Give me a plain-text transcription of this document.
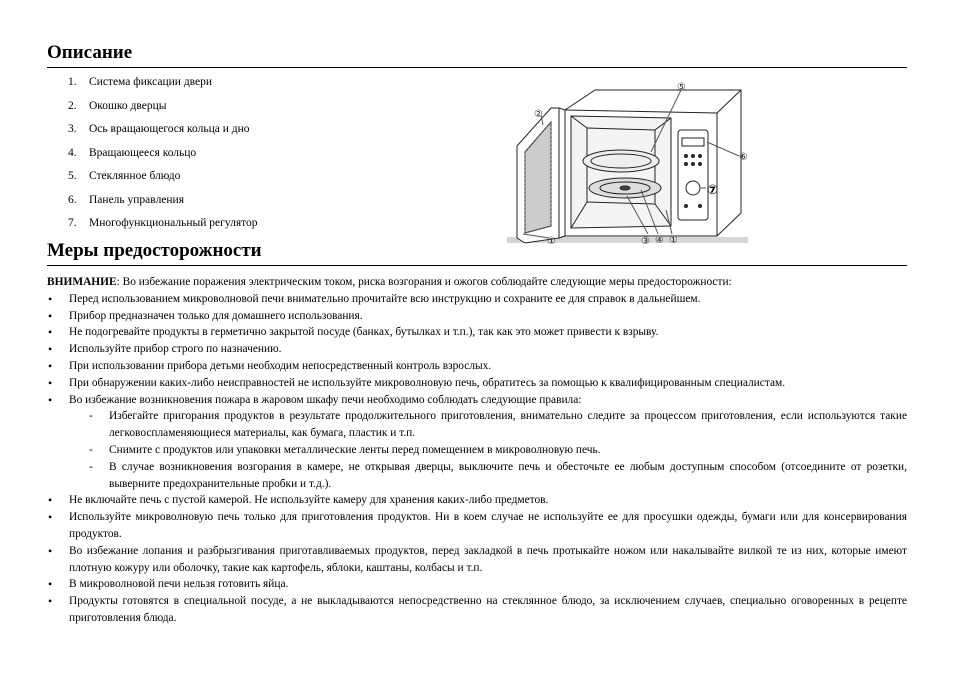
Описание
1. Система фиксации двери
2. Окошко дверцы
3. Ось вращающегося кольца и дно
4. Вращающееся кольцо
5. Стеклянное блюдо
6. Панель управления
7. Многофункциональный регулятор
②
①	③ ④ ①
⑤
⑥
⑦
Меры предосторожности

ВНИМАНИЕ: Во избежание поражения электрическим током, риска возгорания и ожогов соблюдайте следующие меры предосторожности:

• Перед использованием микроволновой печи внимательно прочитайте всю инструкцию и сохраните ее для справок в дальнейшем.
• Прибор предназначен только для домашнего использования.
• Не подогревайте продукты в герметично закрытой посуде (банках, бутылках и т.п.), так как это может привести к взрыву.
• Используйте прибор строго по назначению.
• При использовании прибора детьми необходим непосредственный контроль взрослых.
• При обнаружении каких-либо неисправностей не используйте микроволновую печь, обратитесь за помощью к квалифицированным специалистам.
• Во избежание возникновения пожара в жаровом шкафу печи необходимо соблюдать следующие правила:
- Избегайте пригорания продуктов в результате продолжительного приготовления, внимательно следите за процессом приготовления, если используются такие легковоспламеняющиеся материалы, как бумага, пластик и т.п.
- Снимите с продуктов или упаковки металлические ленты перед помещением в микроволновую печь.
- В случае возникновения возгорания в камере, не открывая дверцы, выключите печь и обесточьте ее любым доступным способом (отсоедините от розетки, выверните предохранительные пробки и т.д.).
• Не включайте печь с пустой камерой. Не используйте камеру для хранения каких-либо предметов.
• Используйте микроволновую печь только для приготовления продуктов. Ни в коем случае не используйте ее для просушки одежды, бумаги или для консервирования продуктов.
• Во избежание лопания и разбрызгивания приготавливаемых продуктов, перед закладкой в печь протыкайте ножом или накалывайте вилкой те из них, которые имеют плотную кожуру или оболочку, такие как картофель, яблоки, каштаны, колбасы и т.п.
• В микроволновой печи нельзя готовить яйца.
• Продукты готовятся в специальной посуде, а не выкладываются непосредственно на стеклянное блюдо, за исключением случаев, специально оговоренных в рецепте приготовления блюда.
